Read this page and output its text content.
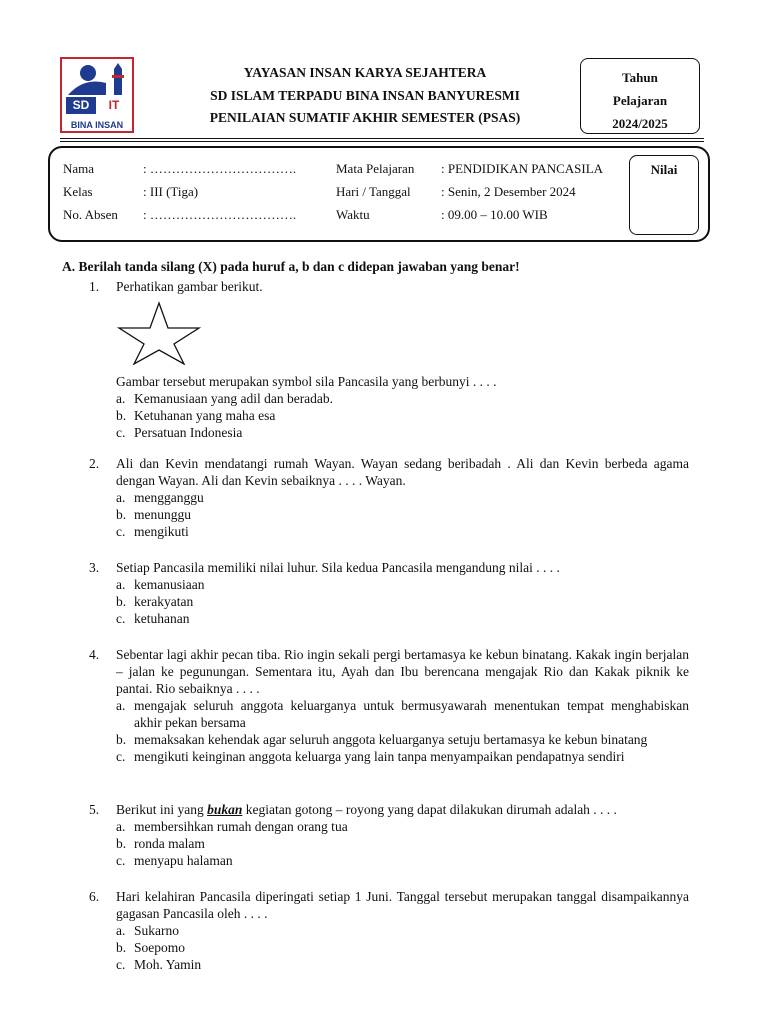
SD	IT
BINA INSAN
YAYASAN INSAN KARYA SEJAHTERA
SD ISLAM TERPADU BINA INSAN BANYURESMI
PENILAIAN SUMATIF AKHIR SEMESTER (PSAS)
Tahun
Pelajaran
2024/2025
Nama	: …………………………….
Kelas	: III (Tiga)
No. Absen : …………………………….
Mata Pelajaran : PENDIDIKAN PANCASILA
Hari / Tanggal : Senin, 2 Desember 2024
Waktu	: 09.00 – 10.00 WIB
Nilai
A. Berilah tanda silang (X) pada huruf a, b dan c didepan jawaban yang benar!
1.	Perhatikan gambar berikut.
Gambar tersebut merupakan symbol sila Pancasila yang berbunyi . . . .
a. Kemanusiaan yang adil dan beradab.
b. Ketuhanan yang maha esa
c. Persatuan Indonesia
2.	Ali dan Kevin mendatangi rumah Wayan. Wayan sedang beribadah . Ali dan Kevin berbeda agama dengan Wayan. Ali dan Kevin sebaiknya . . . . Wayan.
a. mengganggu
b. menunggu
c. mengikuti
3.	Setiap Pancasila memiliki nilai luhur. Sila kedua Pancasila mengandung nilai . . . .
a. kemanusiaan
b. kerakyatan
c. ketuhanan
4.	Sebentar lagi akhir pecan tiba. Rio ingin sekali pergi bertamasya ke kebun binatang. Kakak ingin berjalan – jalan ke pegunungan. Sementara itu, Ayah dan Ibu berencana mengajak Rio dan Kakak piknik ke pantai. Rio sebaiknya . . . .
a. mengajak seluruh anggota keluarganya untuk bermusyawarah menentukan tempat menghabiskan akhir pekan bersama
b. memaksakan kehendak agar seluruh anggota keluarganya setuju bertamasya ke kebun binatang
c. mengikuti keinginan anggota keluarga yang lain tanpa menyampaikan pendapatnya sendiri
5.	Berikut ini yang bukan kegiatan gotong – royong yang dapat dilakukan dirumah adalah . . . .
a. membersihkan rumah dengan orang tua
b. ronda malam
c. menyapu halaman
6.	Hari kelahiran Pancasila diperingati setiap 1 Juni. Tanggal tersebut merupakan tanggal disampaikannya gagasan Pancasila oleh . . . .
a. Sukarno
b. Soepomo
c. Moh. Yamin
